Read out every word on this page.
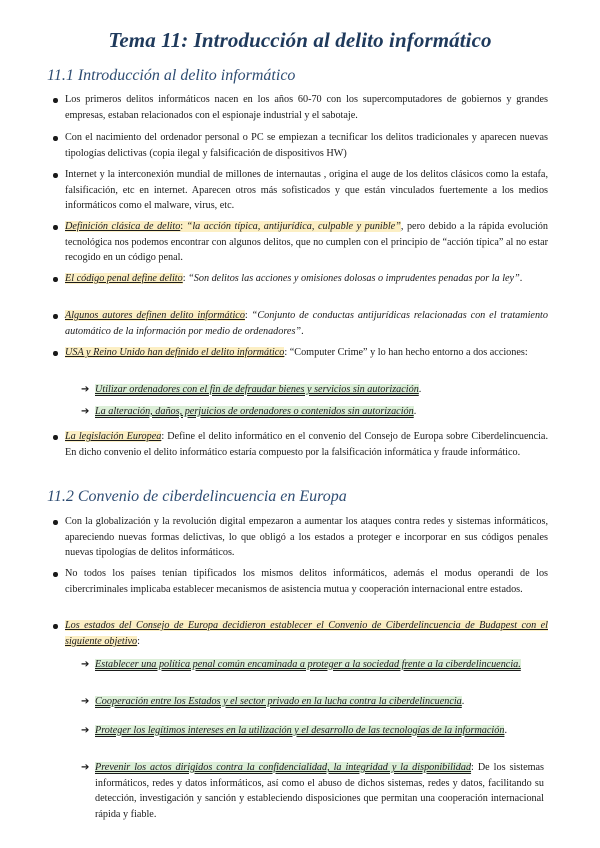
Tema 11: Introducción al delito informático
11.1 Introducción al delito informático
Los primeros delitos informáticos nacen en los años 60-70 con los supercomputadores de gobiernos y grandes empresas, estaban relacionados con el espionaje industrial y el sabotaje.
Con el nacimiento del ordenador personal o PC se empiezan a tecnificar los delitos tradicionales y aparecen nuevas tipologías delictivas (copia ilegal y falsificación de dispositivos HW)
Internet y la interconexión mundial de millones de internautas , origina el auge de los delitos clásicos como la estafa, falsificación, etc en internet. Aparecen otros más sofisticados y que están vinculados fuertemente a los medios informáticos como el malware, virus, etc.
Definición clásica de delito: “la acción típica, antijurídica, culpable y punible”, pero debido a la rápida evolución tecnológica nos podemos encontrar con algunos delitos, que no cumplen con el principio de “acción típica” al no estar recogido en un código penal.
El código penal define delito: “Son delitos las acciones y omisiones dolosas o imprudentes penadas por la ley”.
Algunos autores definen delito informático: “Conjunto de conductas antijurídicas relacionadas con el tratamiento automático de la información por medio de ordenadores”.
USA y Reino Unido han definido el delito informático: “Computer Crime” y lo han hecho entorno a dos acciones:
➔ Utilizar ordenadores con el fin de defraudar bienes y servicios sin autorización.
➔ La alteración, daños, perjuicios de ordenadores o contenidos sin autorización.
La legislación Europea: Define el delito informático en el convenio del Consejo de Europa sobre Ciberdelincuencia. En dicho convenio el delito informático estaría compuesto por la falsificación informática y fraude informático.
11.2 Convenio de ciberdelincuencia en Europa
Con la globalización y la revolución digital empezaron a aumentar los ataques contra redes y sistemas informáticos, apareciendo nuevas formas delictivas, lo que obligó a los estados a proteger e incorporar en sus códigos penales nuevas tipologías de delitos informáticos.
No todos los países tenían tipificados los mismos delitos informáticos, además el modus operandi de los cibercriminales implicaba establecer mecanismos de asistencia mutua y cooperación internacional entre estados.
Los estados del Consejo de Europa decidieron establecer el Convenio de Ciberdelincuencia de Budapest con el siguiente objetivo:
➔ Establecer una política penal común encaminada a proteger a la sociedad frente a la ciberdelincuencia.
➔ Cooperación entre los Estados y el sector privado en la lucha contra la ciberdelincuencia.
➔ Proteger los legítimos intereses en la utilización y el desarrollo de las tecnologías de la información.
➔ Prevenir los actos dirigidos contra la confidencialidad, la integridad y la disponibilidad: De los sistemas informáticos, redes y datos informáticos, así como el abuso de dichos sistemas, redes y datos, facilitando su detección, investigación y sanción y estableciendo disposiciones que permitan una cooperación internacional rápida y fiable.
